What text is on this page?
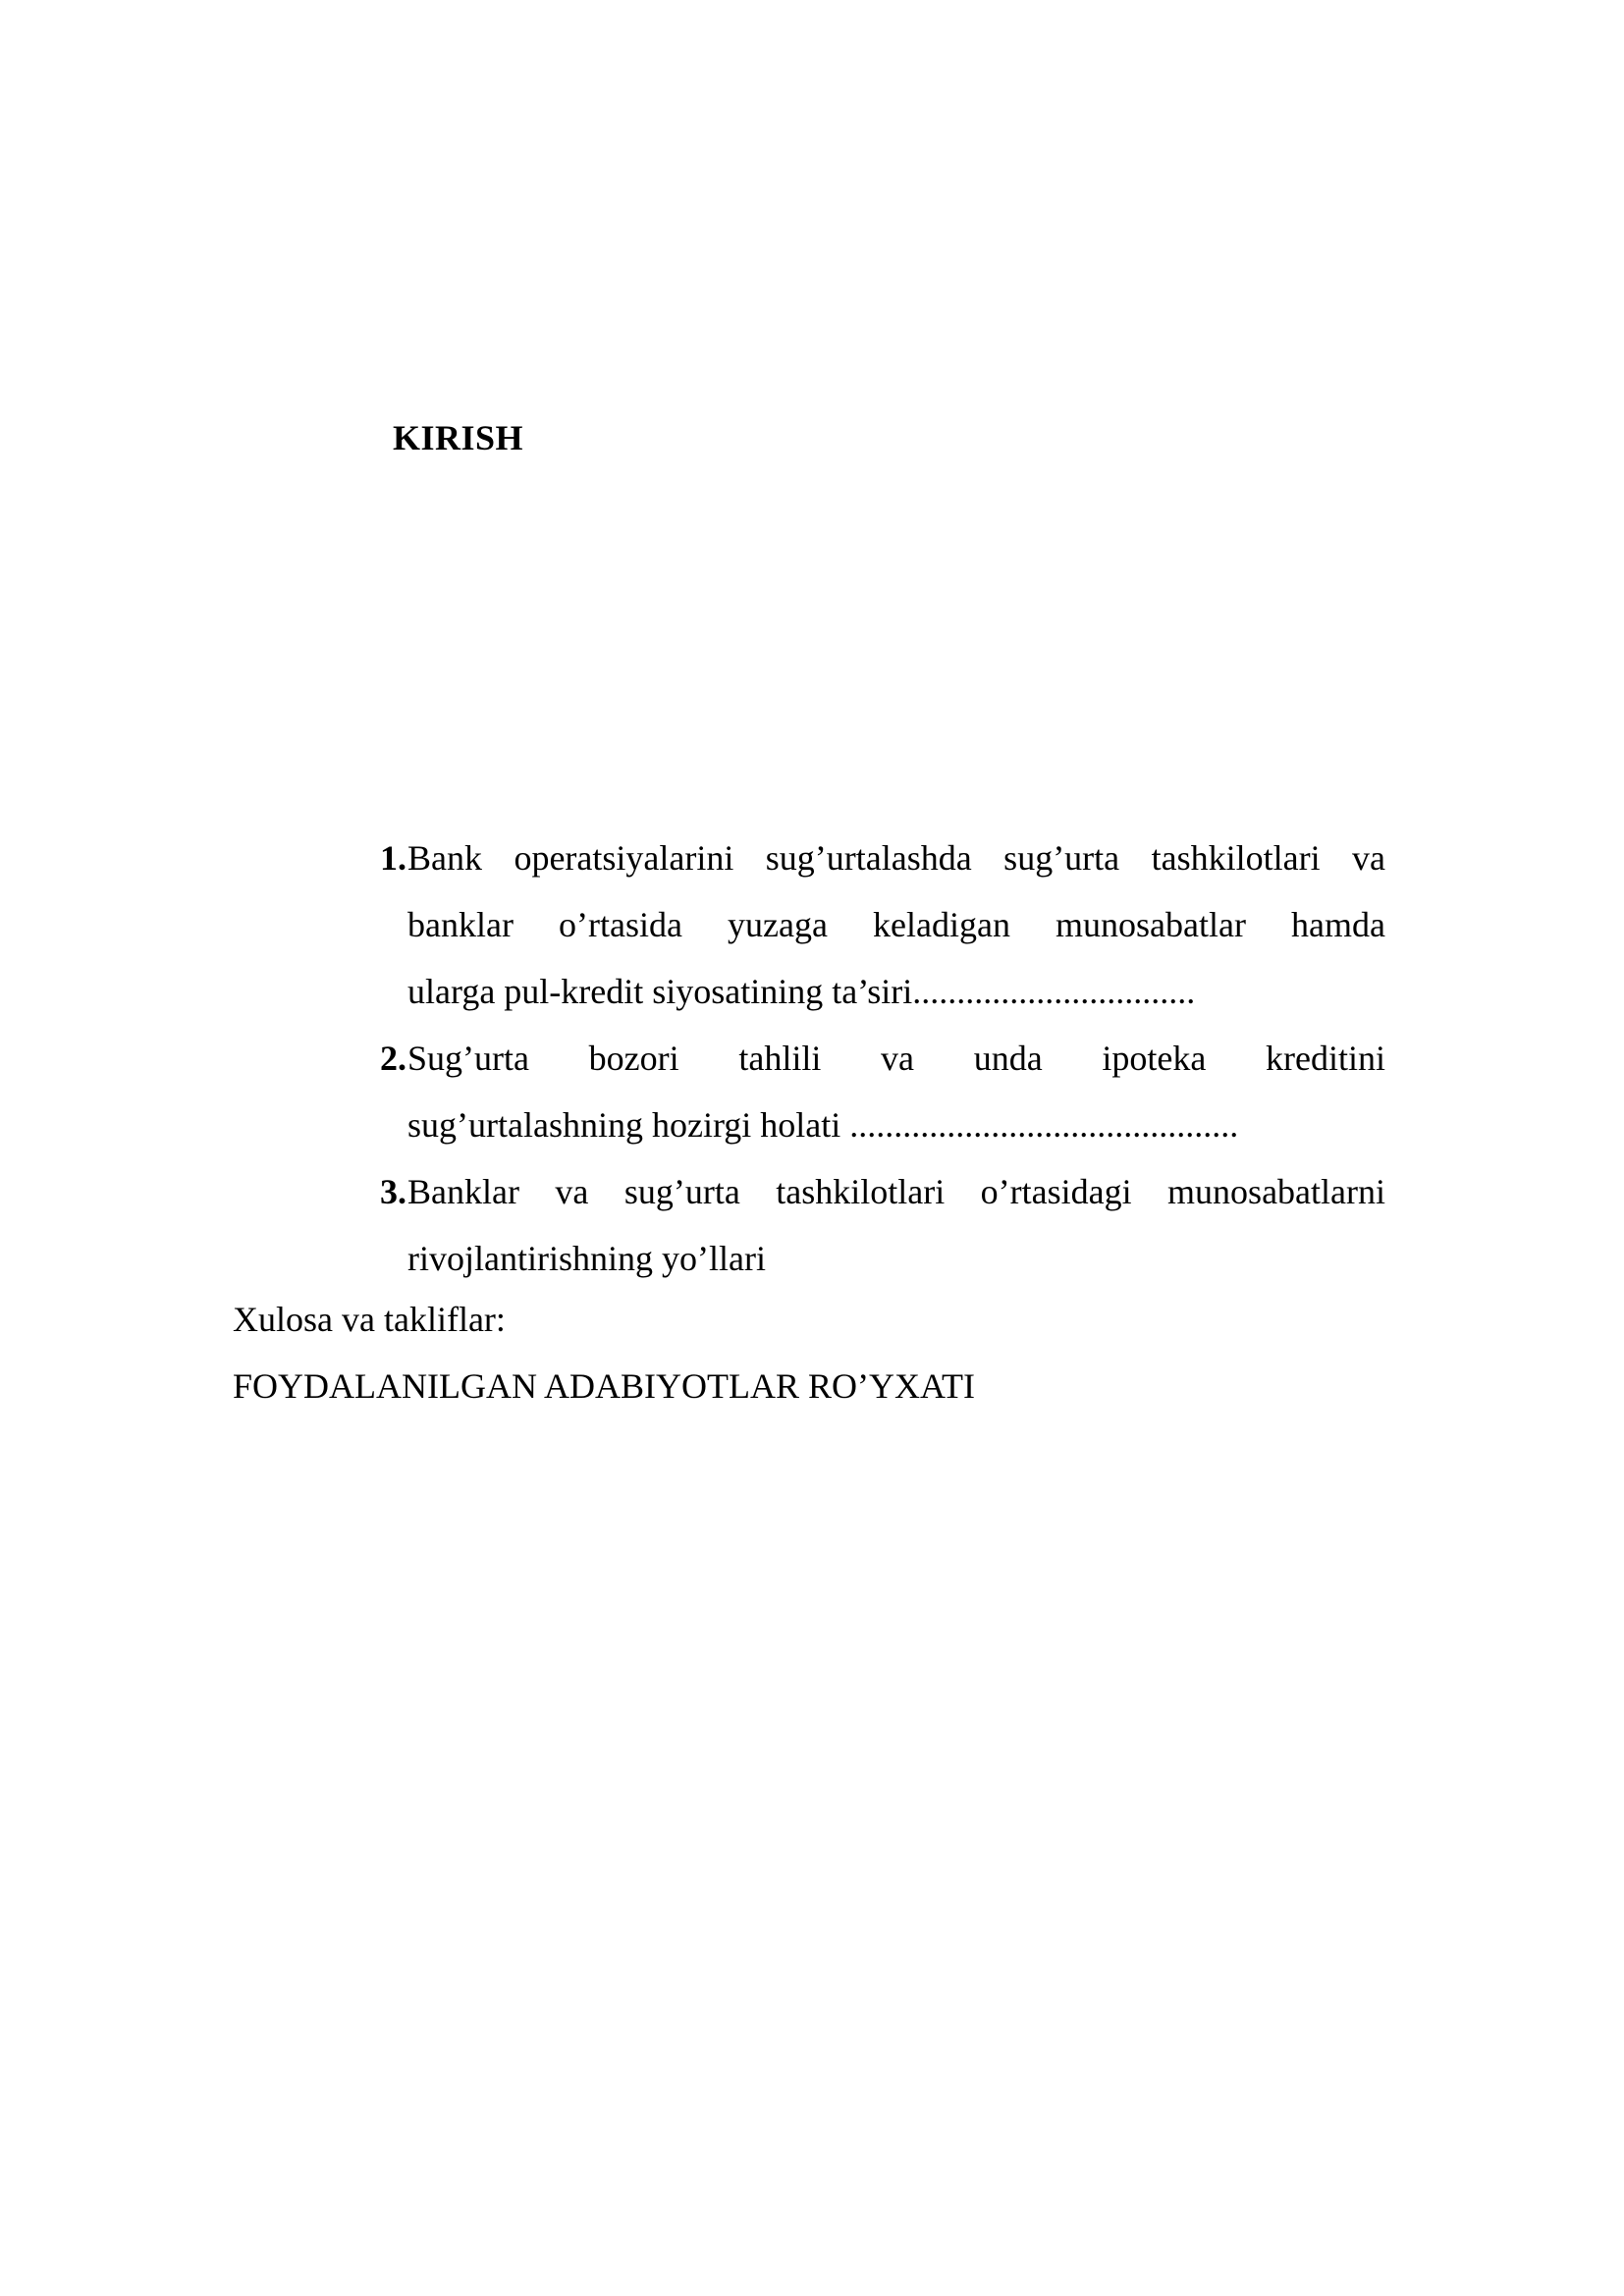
KIRISH
1. Bank operatsiyalarini sug’urtalashda sug’urta tashkilotlari va
banklar o’rtasida yuzaga keladigan munosabatlar hamda
ularga pul-kredit siyosatining ta’siri................................
2. Sug’urta bozori tahlili va unda ipoteka kreditini
sug’urtalashning hozirgi holati ............................................
3. Banklar va sug’urta tashkilotlari o’rtasidagi munosabatlarni
rivojlantirishning yo’llari
Xulosa va takliflar:
FOYDALANILGAN ADABIYOTLAR RO’YXATI
